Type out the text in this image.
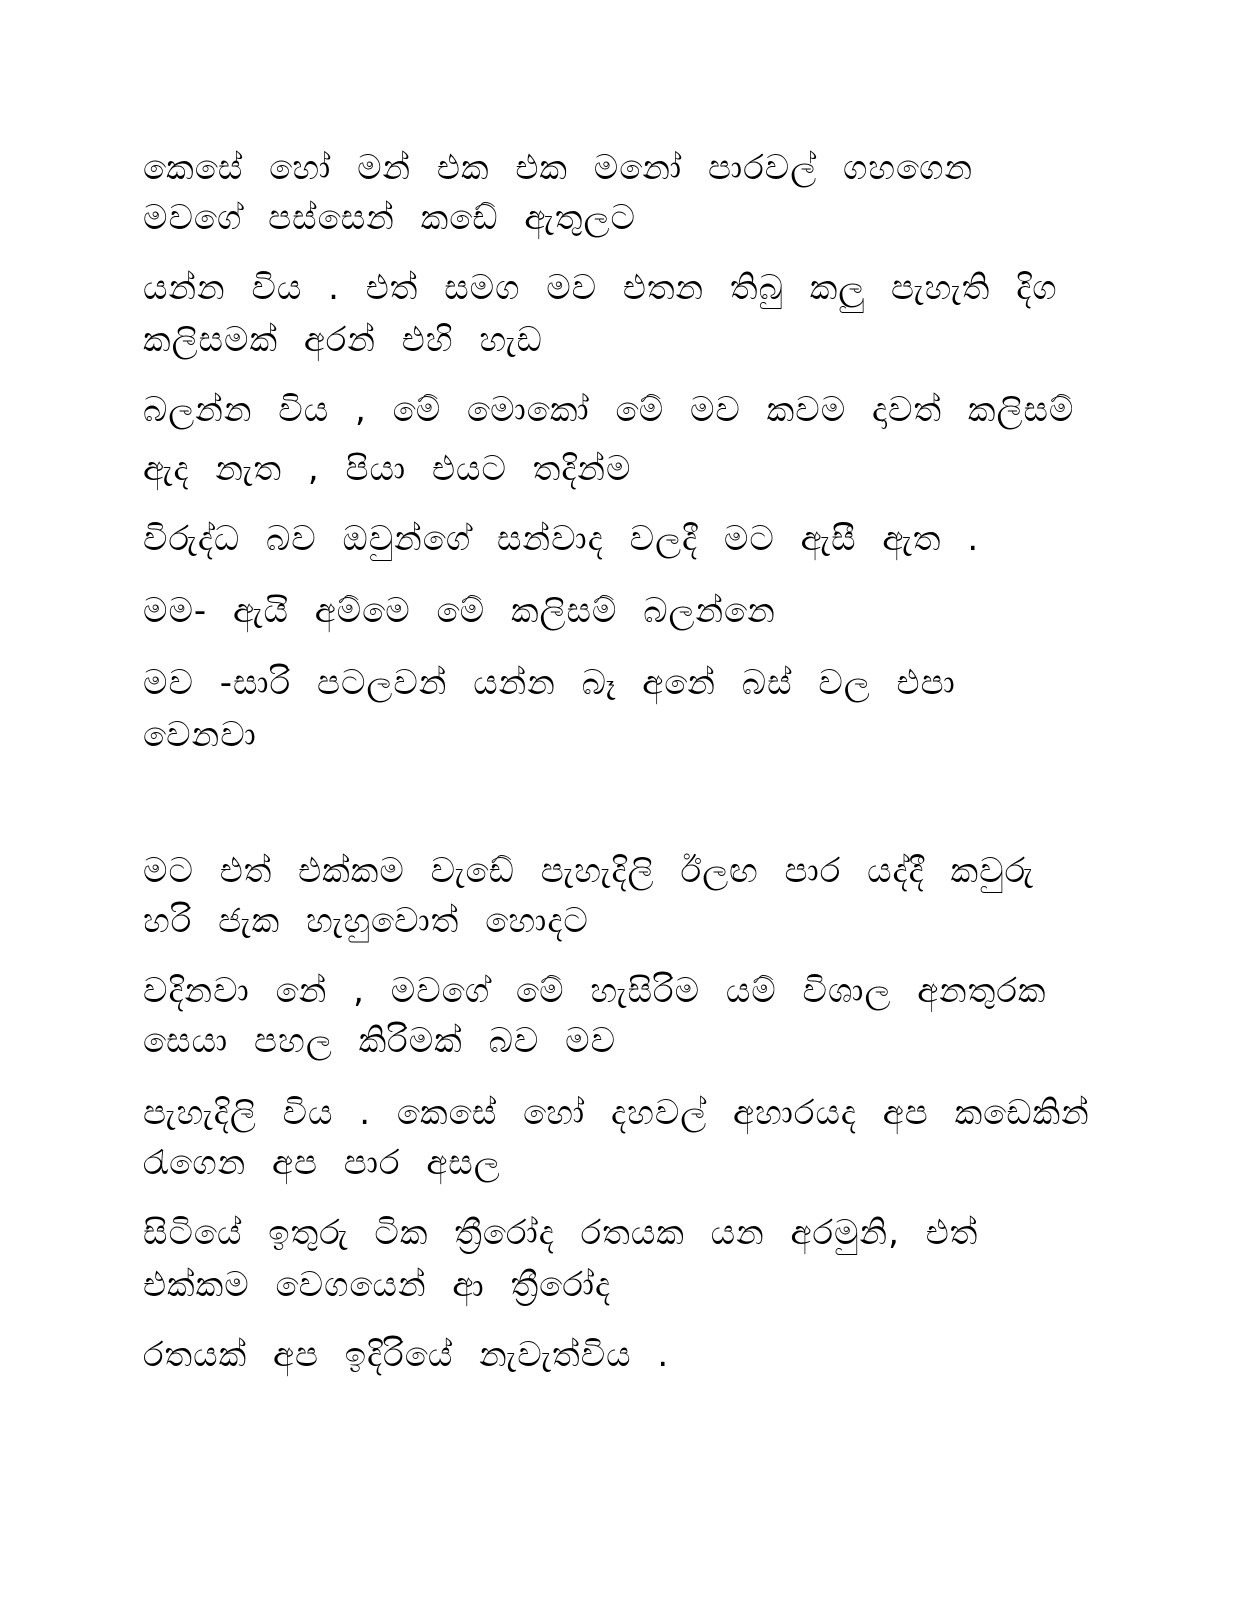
කෙසේ හෝ මන් එක එක මනෝ පාරවල් ගහගෙන
මවගේ පස්සෙන් කඩේ ඇතුලට
යන්න විය . එත් සමග මව එතන තිබු කලු පැහැති දිග
කලිසමක් අරන් එහි හැඩ
බලන්න විය , මේ මොකෝ මේ මව කවම දාවත් කලිසම්
ඇද නැත , පියා එයට තදින්ම
විරුද්ධ බව ඔවුන්ගේ සන්වාද වලදී මට ඇසී ඇත .
මම- ඇයි අම්මෙ මේ කලිසම් බලන්නෙ
මව -සාරි පටලවන් යන්න බෑ අනේ බස් වල එපා
වෙනවා
මට එත් එක්කම වැඩේ පැහැදිලි ඊලඟ පාර යද්දී කවුරු
හරි ජැක හැහුවොත් හොදට
වදිනවා නේ , මවගේ මේ හැසිරිම යම් විශාල අනතුරක
සෙයා පහල කිරිමක් බව මව
පැහැදිලි විය . කෙසේ හෝ දහවල් අහාරයද අප කඩෙකින්
රැගෙන අප පාර අසල
සිටියේ ඉතුරු ටික ත්‍රීරෝද රතයක යන අරමුනි, එත්
එක්කම වෙගයෙන් ආ ත්‍රීරෝද
රතයක් අප ඉදිරියේ නැවැත්විය .
